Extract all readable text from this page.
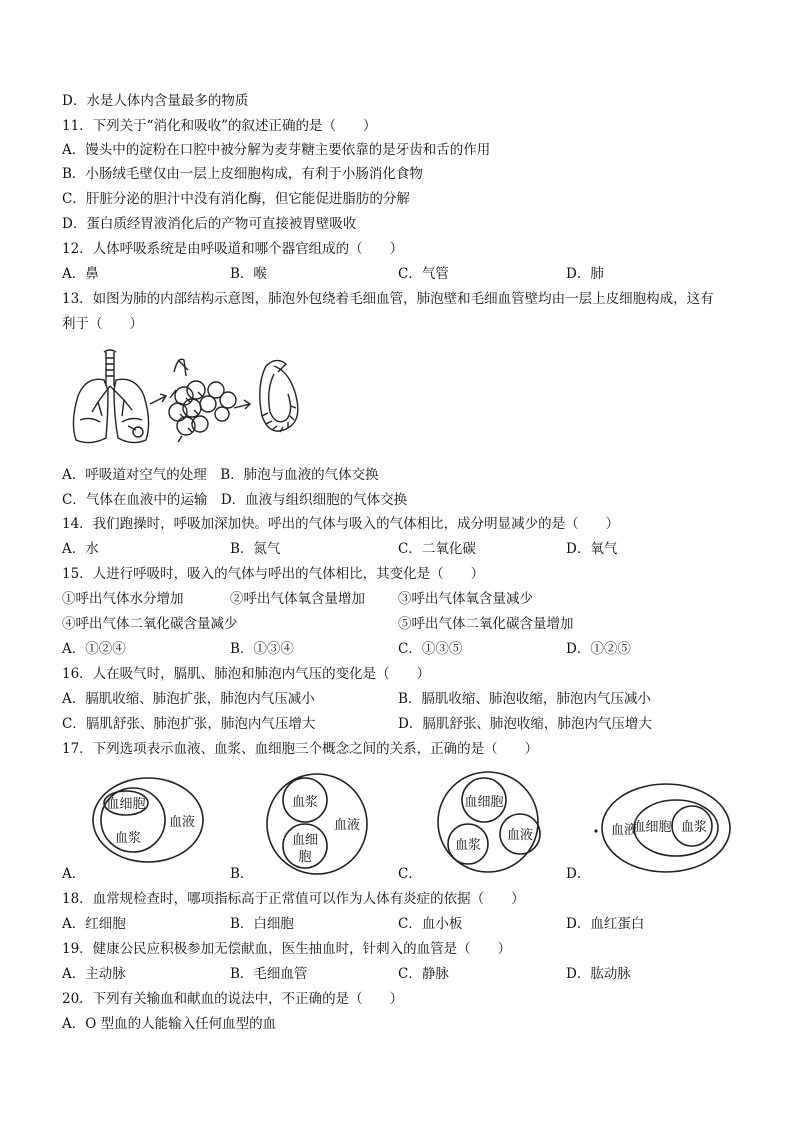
D．水是人体内含量最多的物质
11．下列关于“消化和吸收”的叙述正确的是（　　）
A．馒头中的淀粉在口腔中被分解为麦芽糖主要依靠的是牙齿和舌的作用
B．小肠绒毛壁仅由一层上皮细胞构成，有利于小肠消化食物
C．肝脏分泌的胆汁中没有消化酶，但它能促进脂肪的分解
D．蛋白质经胃液消化后的产物可直接被胃壁吸收
12．人体呼吸系统是由呼吸道和哪个器官组成的（　　）
A．鼻	B．喉	C．气管	D．肺
13．如图为肺的内部结构示意图，肺泡外包绕着毛细血管，肺泡壁和毛细血管壁均由一层上皮细胞构成，这有
利于（　　）
A．呼吸道对空气的处理　B．肺泡与血液的气体交换
C．气体在血液中的运输　D．血液与组织细胞的气体交换
14．我们跑操时，呼吸加深加快。呼出的气体与吸入的气体相比，成分明显减少的是（　　）
A．水	B．氮气	C．二氧化碳	D．氧气
15．人进行呼吸时，吸入的气体与呼出的气体相比，其变化是（　　）
①呼出气体水分增加	②呼出气体氧含量增加 ③呼出气体氧含量减少
④呼出气体二氧化碳含量减少	⑤呼出气体二氧化碳含量增加
A．①②④	B．①③④	C．①③⑤	D．①②⑤
16．人在吸气时，膈肌、肺泡和肺泡内气压的变化是（　　）
A．膈肌收缩、肺泡扩张，肺泡内气压减小	B．膈肌收缩、肺泡收缩，肺泡内气压减小
C．膈肌舒张、肺泡扩张，肺泡内气压增大	D．膈肌舒张、肺泡收缩，肺泡内气压增大
17．下列选项表示血液、血浆、血细胞三个概念之间的关系，正确的是（　　）
血细胞
血浆
血液
血浆
血液
血细
胞
血细胞
血浆
血液	血液
血细胞 血浆
A．	B．	C．	D．
18．血常规检查时，哪项指标高于正常值可以作为人体有炎症的依据（　　）
A．红细胞	B．白细胞	C．血小板	D．血红蛋白
19．健康公民应积极参加无偿献血，医生抽血时，针刺入的血管是（　　）
A．主动脉	B．毛细血管	C．静脉	D．肱动脉
20．下列有关输血和献血的说法中，不正确的是（　　）
A．O 型血的人能输入任何血型的血
